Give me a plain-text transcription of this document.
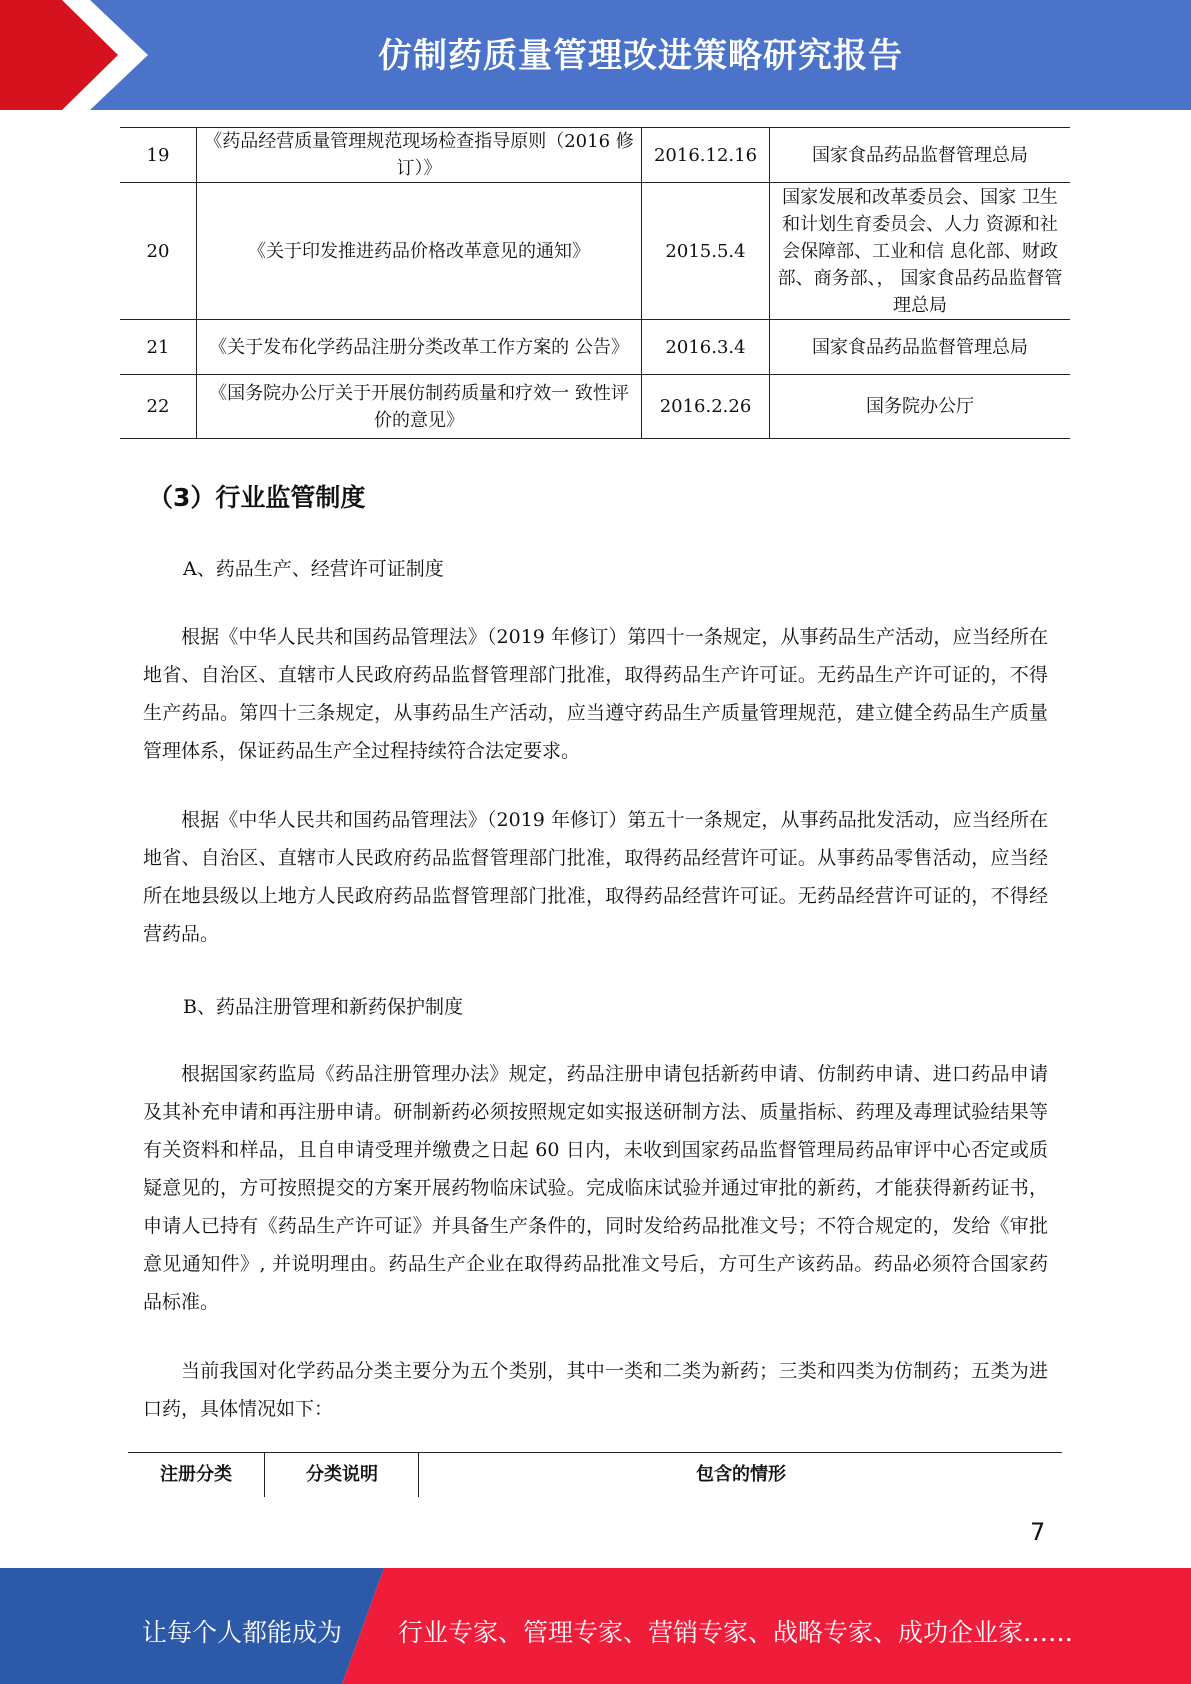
仿制药质量管理改进策略研究报告
19	《药品经营质量管理规范现场检查指导原则（2016 修订）》	2016.12.16	国家食品药品监督管理总局
20	《关于印发推进药品价格改革意见的通知》	2015.5.4	国家发展和改革委员会、国家 卫生和计划生育委员会、人力 资源和社会保障部、工业和信 息化部、财政部、商务部、， 国家食品药品监督管理总局
21	《关于发布化学药品注册分类改革工作方案的 公告》	2016.3.4	国家食品药品监督管理总局
22	《国务院办公厅关于开展仿制药质量和疗效一 致性评价的意见》	2016.2.26	国务院办公厅
（3）行业监管制度
A、药品生产、经营许可证制度

根据《中华人民共和国药品管理法》（2019 年修订）第四十一条规定，从事药品生产活动，应当经所在地省、自治区、直辖市人民政府药品监督管理部门批准，取得药品生产许可证。无药品生产许可证的，不得生产药品。第四十三条规定，从事药品生产活动，应当遵守药品生产质量管理规范，建立健全药品生产质量管理体系，保证药品生产全过程持续符合法定要求。

根据《中华人民共和国药品管理法》（2019 年修订）第五十一条规定，从事药品批发活动，应当经所在地省、自治区、直辖市人民政府药品监督管理部门批准，取得药品经营许可证。从事药品零售活动，应当经所在地县级以上地方人民政府药品监督管理部门批准，取得药品经营许可证。无药品经营许可证的，不得经营药品。

B、药品注册管理和新药保护制度

根据国家药监局《药品注册管理办法》规定，药品注册申请包括新药申请、仿制药申请、进口药品申请及其补充申请和再注册申请。研制新药必须按照规定如实报送研制方法、质量指标、药理及毒理试验结果等有关资料和样品，且自申请受理并缴费之日起 60 日内，未收到国家药品监督管理局药品审评中心否定或质疑意见的，方可按照提交的方案开展药物临床试验。完成临床试验并通过审批的新药，才能获得新药证书，申请人已持有《药品生产许可证》并具备生产条件的，同时发给药品批准文号；不符合规定的，发给《审批意见通知件》, 并说明理由。药品生产企业在取得药品批准文号后，方可生产该药品。药品必须符合国家药品标准。

当前我国对化学药品分类主要分为五个类别，其中一类和二类为新药；三类和四类为仿制药；五类为进口药，具体情况如下：

注册分类	分类说明	包含的情形
7
让每个人都能成为 行业专家、管理专家、营销专家、战略专家、成功企业家……
